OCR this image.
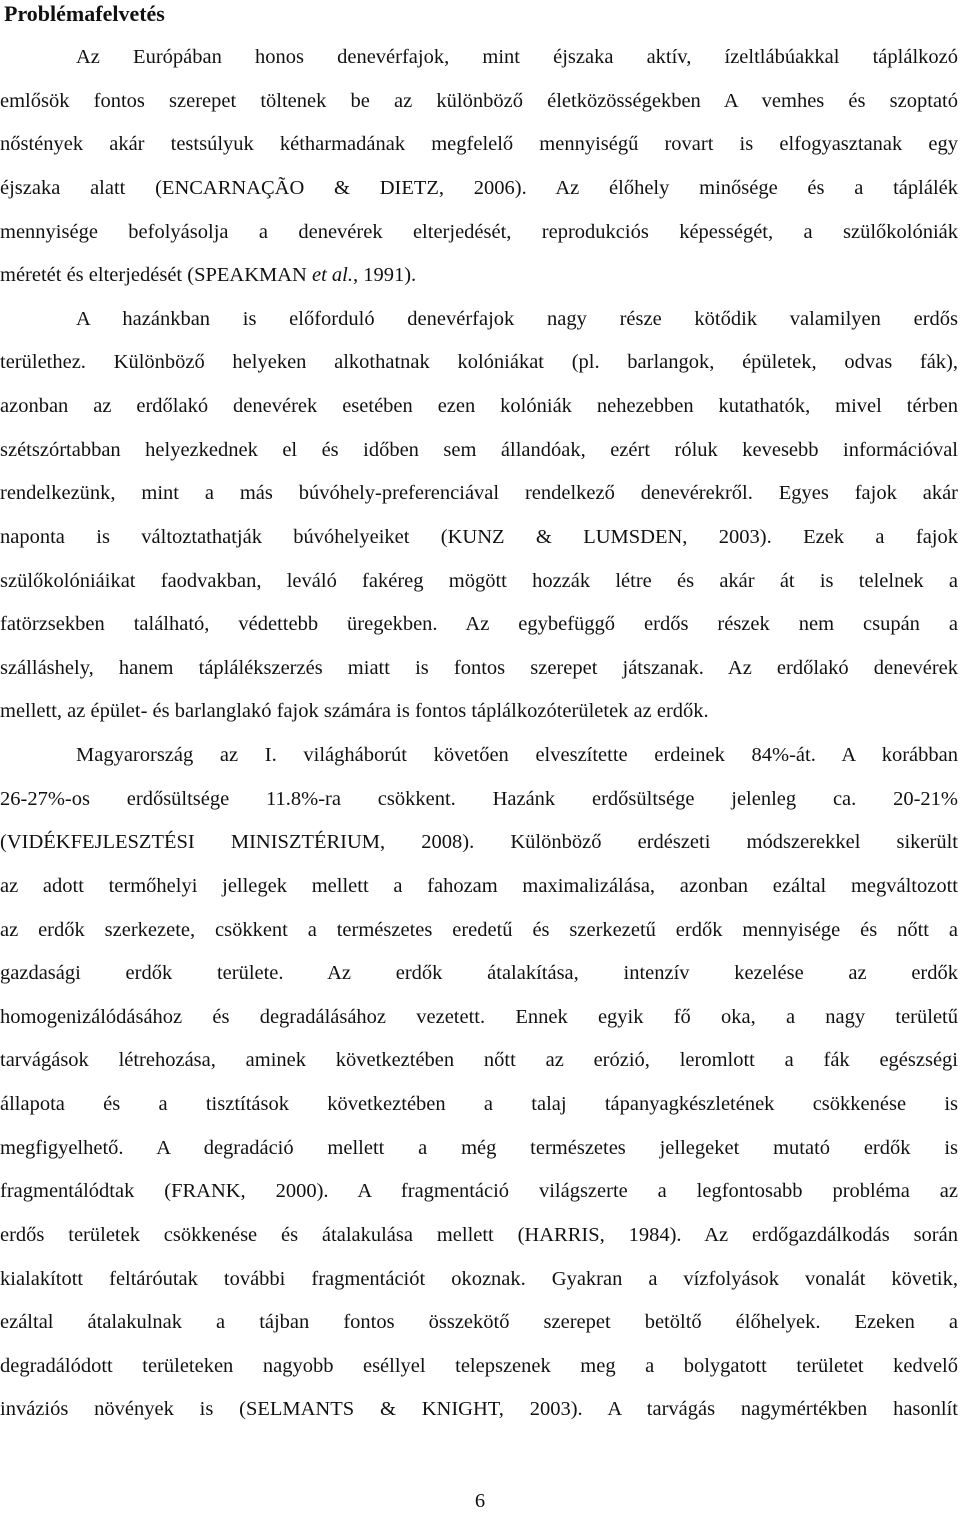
Problémafelvetés

Az Európában honos denevérfajok, mint éjszaka aktív, ízeltlábúakkal táplálkozó

emlősök fontos szerepet töltenek be az különböző életközösségekben A vemhes és szoptató

nőstények akár testsúlyuk kétharmadának megfelelő mennyiségű rovart is elfogyasztanak egy

éjszaka alatt (ENCARNAÇÃO & DIETZ, 2006). Az élőhely minősége és a táplálék

mennyisége befolyásolja a denevérek elterjedését, reprodukciós képességét, a szülőkolóniák

méretét és elterjedését (SPEAKMAN et al., 1991).

A hazánkban is előforduló denevérfajok nagy része kötődik valamilyen erdős

területhez. Különböző helyeken alkothatnak kolóniákat (pl. barlangok, épületek, odvas fák),

azonban az erdőlakó denevérek esetében ezen kolóniák nehezebben kutathatók, mivel térben

szétszórtabban helyezkednek el és időben sem állandóak, ezért róluk kevesebb információval

rendelkezünk, mint a más búvóhely-preferenciával rendelkező denevérekről. Egyes fajok akár

naponta is változtathatják búvóhelyeiket (KUNZ & LUMSDEN, 2003). Ezek a fajok

szülőkolóniáikat faodvakban, leváló fakéreg mögött hozzák létre és akár át is telelnek a

fatörzsekben található, védettebb üregekben. Az egybefüggő erdős részek nem csupán a

szálláshely, hanem táplálékszerzés miatt is fontos szerepet játszanak. Az erdőlakó denevérek

mellett, az épület- és barlanglakó fajok számára is fontos táplálkozóterületek az erdők.

Magyarország az I. világháborút követően elveszítette erdeinek 84%-át. A korábban

26-27%-os erdősültsége 11.8%-ra csökkent. Hazánk erdősültsége jelenleg ca. 20-21%

(VIDÉKFEJLESZTÉSI MINISZTÉRIUM, 2008). Különböző erdészeti módszerekkel sikerült

az adott termőhelyi jellegek mellett a fahozam maximalizálása, azonban ezáltal megváltozott

az erdők szerkezete, csökkent a természetes eredetű és szerkezetű erdők mennyisége és nőtt a

gazdasági erdők területe. Az erdők átalakítása, intenzív kezelése az erdők

homogenizálódásához és degradálásához vezetett. Ennek egyik fő oka, a nagy területű

tarvágások létrehozása, aminek következtében nőtt az erózió, leromlott a fák egészségi

állapota és a tisztítások következtében a talaj tápanyagkészletének csökkenése is

megfigyelhető. A degradáció mellett a még természetes jellegeket mutató erdők is

fragmentálódtak (FRANK, 2000). A fragmentáció világszerte a legfontosabb probléma az

erdős területek csökkenése és átalakulása mellett (HARRIS, 1984). Az erdőgazdálkodás során

kialakított feltáróutak további fragmentációt okoznak. Gyakran a vízfolyások vonalát követik,

ezáltal átalakulnak a tájban fontos összekötő szerepet betöltő élőhelyek. Ezeken a

degradálódott területeken nagyobb eséllyel telepszenek meg a bolygatott területet kedvelő

inváziós növények is (SELMANTS & KNIGHT, 2003). A tarvágás nagymértékben hasonlít

6
